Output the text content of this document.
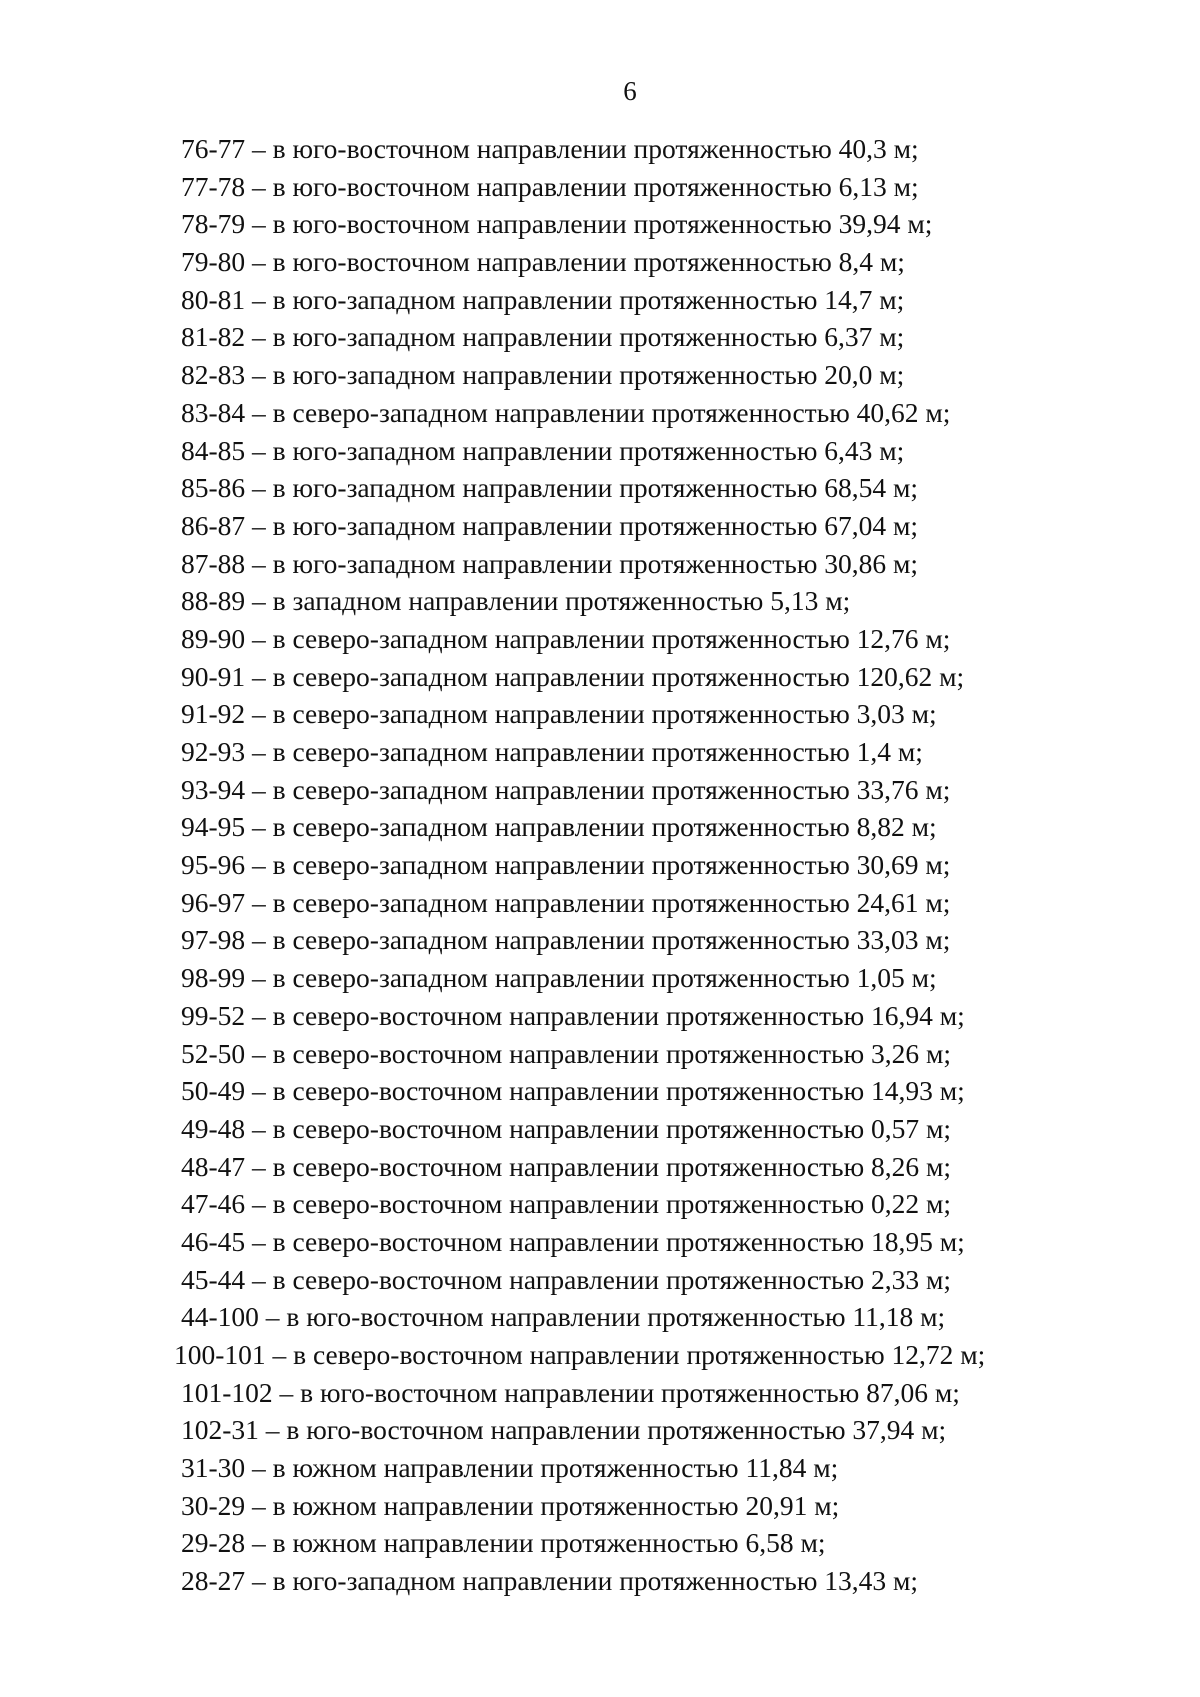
6
76-77 – в юго-восточном направлении протяженностью 40,3 м;
77-78 – в юго-восточном направлении протяженностью 6,13 м;
78-79 – в юго-восточном направлении протяженностью 39,94 м;
79-80 – в юго-восточном направлении протяженностью 8,4 м;
80-81 – в юго-западном направлении протяженностью 14,7 м;
81-82 – в юго-западном направлении протяженностью 6,37 м;
82-83 – в юго-западном направлении протяженностью 20,0 м;
83-84 – в северо-западном направлении протяженностью 40,62 м;
84-85 – в юго-западном направлении протяженностью 6,43 м;
85-86 – в юго-западном направлении протяженностью 68,54 м;
86-87 – в юго-западном направлении протяженностью 67,04 м;
87-88 – в юго-западном направлении протяженностью 30,86 м;
88-89 – в западном направлении протяженностью 5,13 м;
89-90 – в северо-западном направлении протяженностью 12,76 м;
90-91 – в северо-западном направлении протяженностью 120,62 м;
91-92 – в северо-западном направлении протяженностью 3,03 м;
92-93 – в северо-западном направлении протяженностью 1,4 м;
93-94 – в северо-западном направлении протяженностью 33,76 м;
94-95 – в северо-западном направлении протяженностью 8,82 м;
95-96 – в северо-западном направлении протяженностью 30,69 м;
96-97 – в северо-западном направлении протяженностью 24,61 м;
97-98 – в северо-западном направлении протяженностью 33,03 м;
98-99 – в северо-западном направлении протяженностью 1,05 м;
99-52 – в северо-восточном направлении протяженностью 16,94 м;
52-50 – в северо-восточном направлении протяженностью 3,26 м;
50-49 – в северо-восточном направлении протяженностью 14,93 м;
49-48 – в северо-восточном направлении протяженностью 0,57 м;
48-47 – в северо-восточном направлении протяженностью 8,26 м;
47-46 – в северо-восточном направлении протяженностью 0,22 м;
46-45 – в северо-восточном направлении протяженностью 18,95 м;
45-44 – в северо-восточном направлении протяженностью 2,33 м;
44-100 – в юго-восточном направлении протяженностью 11,18 м;
100-101 – в северо-восточном направлении протяженностью 12,72 м;
101-102 – в юго-восточном направлении протяженностью 87,06 м;
102-31 – в юго-восточном направлении протяженностью 37,94 м;
31-30 – в южном направлении протяженностью 11,84 м;
30-29 – в южном направлении протяженностью 20,91 м;
29-28 – в южном направлении протяженностью 6,58 м;
28-27 – в юго-западном направлении протяженностью 13,43 м;
